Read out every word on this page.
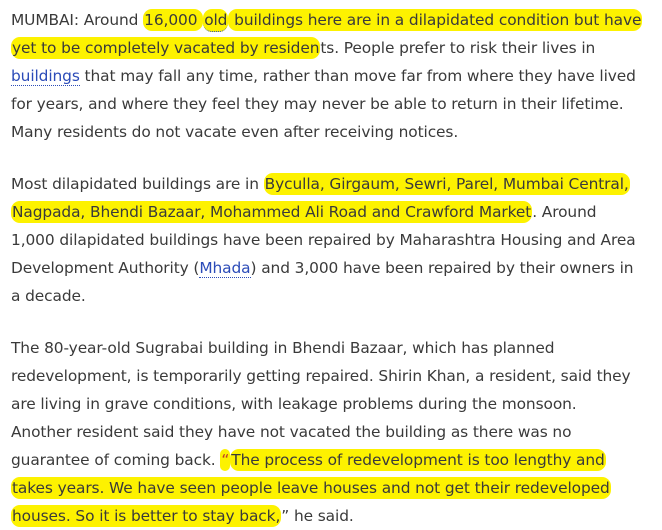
MUMBAI: Around 16,000 old buildings here are in a dilapidated condition but have
yet to be completely vacated by residents. People prefer to risk their lives in
buildings that may fall any time, rather than move far from where they have lived
for years, and where they feel they may never be able to return in their lifetime.
Many residents do not vacate even after receiving notices.
Most dilapidated buildings are in Byculla, Girgaum, Sewri, Parel, Mumbai Central,
Nagpada, Bhendi Bazaar, Mohammed Ali Road and Crawford Market. Around
1,000 dilapidated buildings have been repaired by Maharashtra Housing and Area
Development Authority (Mhada) and 3,000 have been repaired by their owners in
a decade.
The 80-year-old Sugrabai building in Bhendi Bazaar, which has planned
redevelopment, is temporarily getting repaired. Shirin Khan, a resident, said they
are living in grave conditions, with leakage problems during the monsoon.
Another resident said they have not vacated the building as there was no
guarantee of coming back. “ The process of redevelopment is too lengthy and
takes years. We have seen people leave houses and not get their redeveloped
houses. So it is better to stay back,” he said.
